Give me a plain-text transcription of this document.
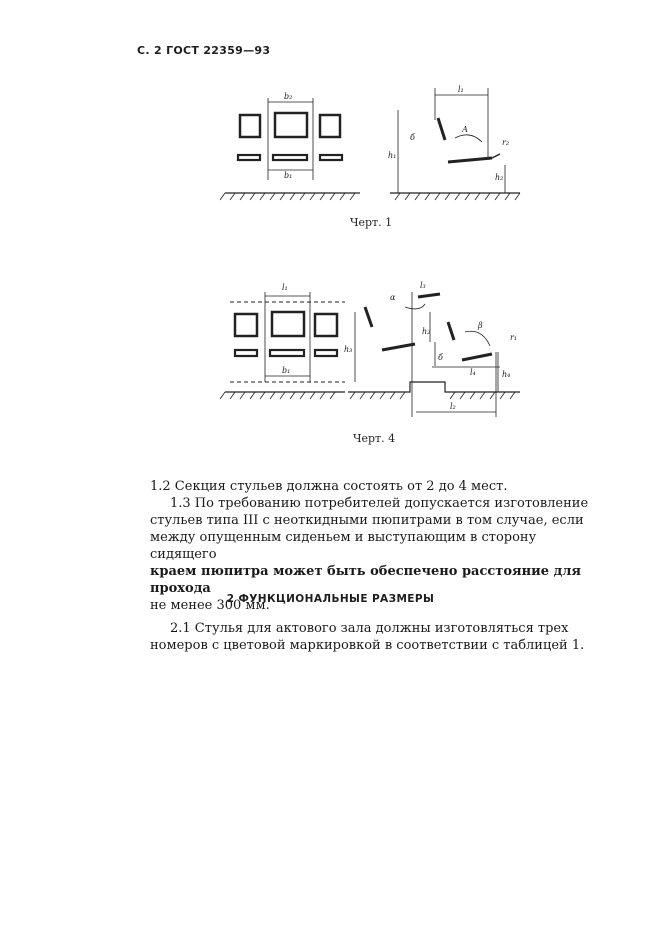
С. 2 ГОСТ 22359—93
b₂
b₁
l₁
h₁
h₂
б
А
r₂
Черт. 1
l₁
b₁
l₃
l₄
l₂
h₃
h₂
h₄
α
β
б
r₁
Черт. 4

1.2 Секция стульев должна состоять от 2 до 4 мест.

1.3 По требованию потребителей допускается изготовление

стульев типа III с неоткидными пюпитрами в том случае, если

между опущенным сиденьем и выступающим в сторону сидящего

краем пюпитра может быть обеспечено расстояние для прохода

не менее 300 мм.

2 ФУНКЦИОНАЛЬНЫЕ РАЗМЕРЫ

2.1 Стулья для актового зала должны изготовляться трех

номеров с цветовой маркировкой в соответствии с таблицей 1.
